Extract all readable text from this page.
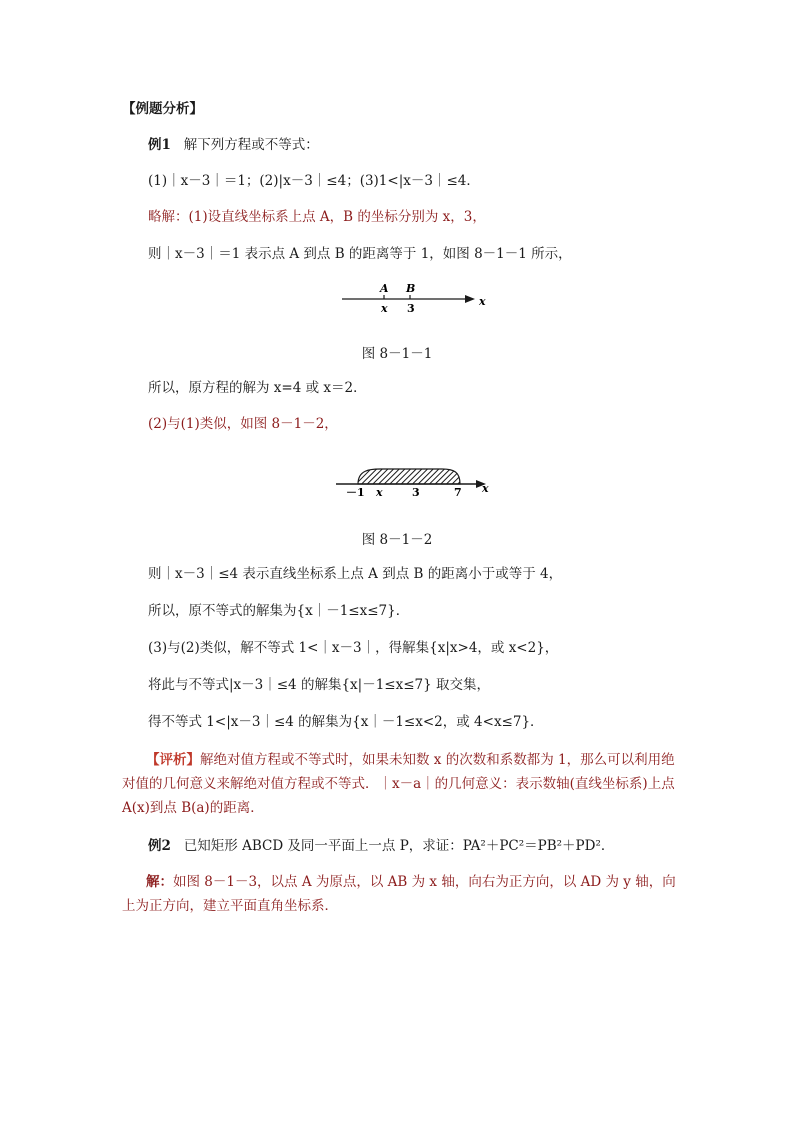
【例题分析】
例1 解下列方程或不等式：
(1)｜x－3｜＝1；(2)|x－3｜≤4；(3)1<|x－3｜≤4．
略解：(1)设直线坐标系上点 A，B 的坐标分别为 x，3，
则｜x－3｜＝1 表示点 A 到点 B 的距离等于 1，如图 8－1－1 所示，
A B
x 3
x
图 8－1－1
所以，原方程的解为 x=4 或 x＝2．
(2)与(1)类似，如图 8－1－2，
－1 x	3	7 x
图 8－1－2
则｜x－3｜≤4 表示直线坐标系上点 A 到点 B 的距离小于或等于 4，
所以，原不等式的解集为{x｜－1≤x≤7}．
(3)与(2)类似，解不等式 1<｜x－3｜，得解集{x|x>4，或 x<2}，
将此与不等式|x－3｜≤4 的解集{x|－1≤x≤7} 取交集，
得不等式 1<|x－3｜≤4 的解集为{x｜－1≤x<2，或 4<x≤7}．
【评析】解绝对值方程或不等式时，如果未知数 x 的次数和系数都为 1，那么可以利用绝对值的几何意义来解绝对值方程或不等式．｜x－a｜的几何意义：表示数轴(直线坐标系)上点 A(x)到点 B(a)的距离．
例2 已知矩形 ABCD 及同一平面上一点 P，求证：PA²＋PC²＝PB²＋PD²．
解：如图 8－1－3，以点 A 为原点，以 AB 为 x 轴，向右为正方向，以 AD 为 y 轴，向上为正方向，建立平面直角坐标系．
